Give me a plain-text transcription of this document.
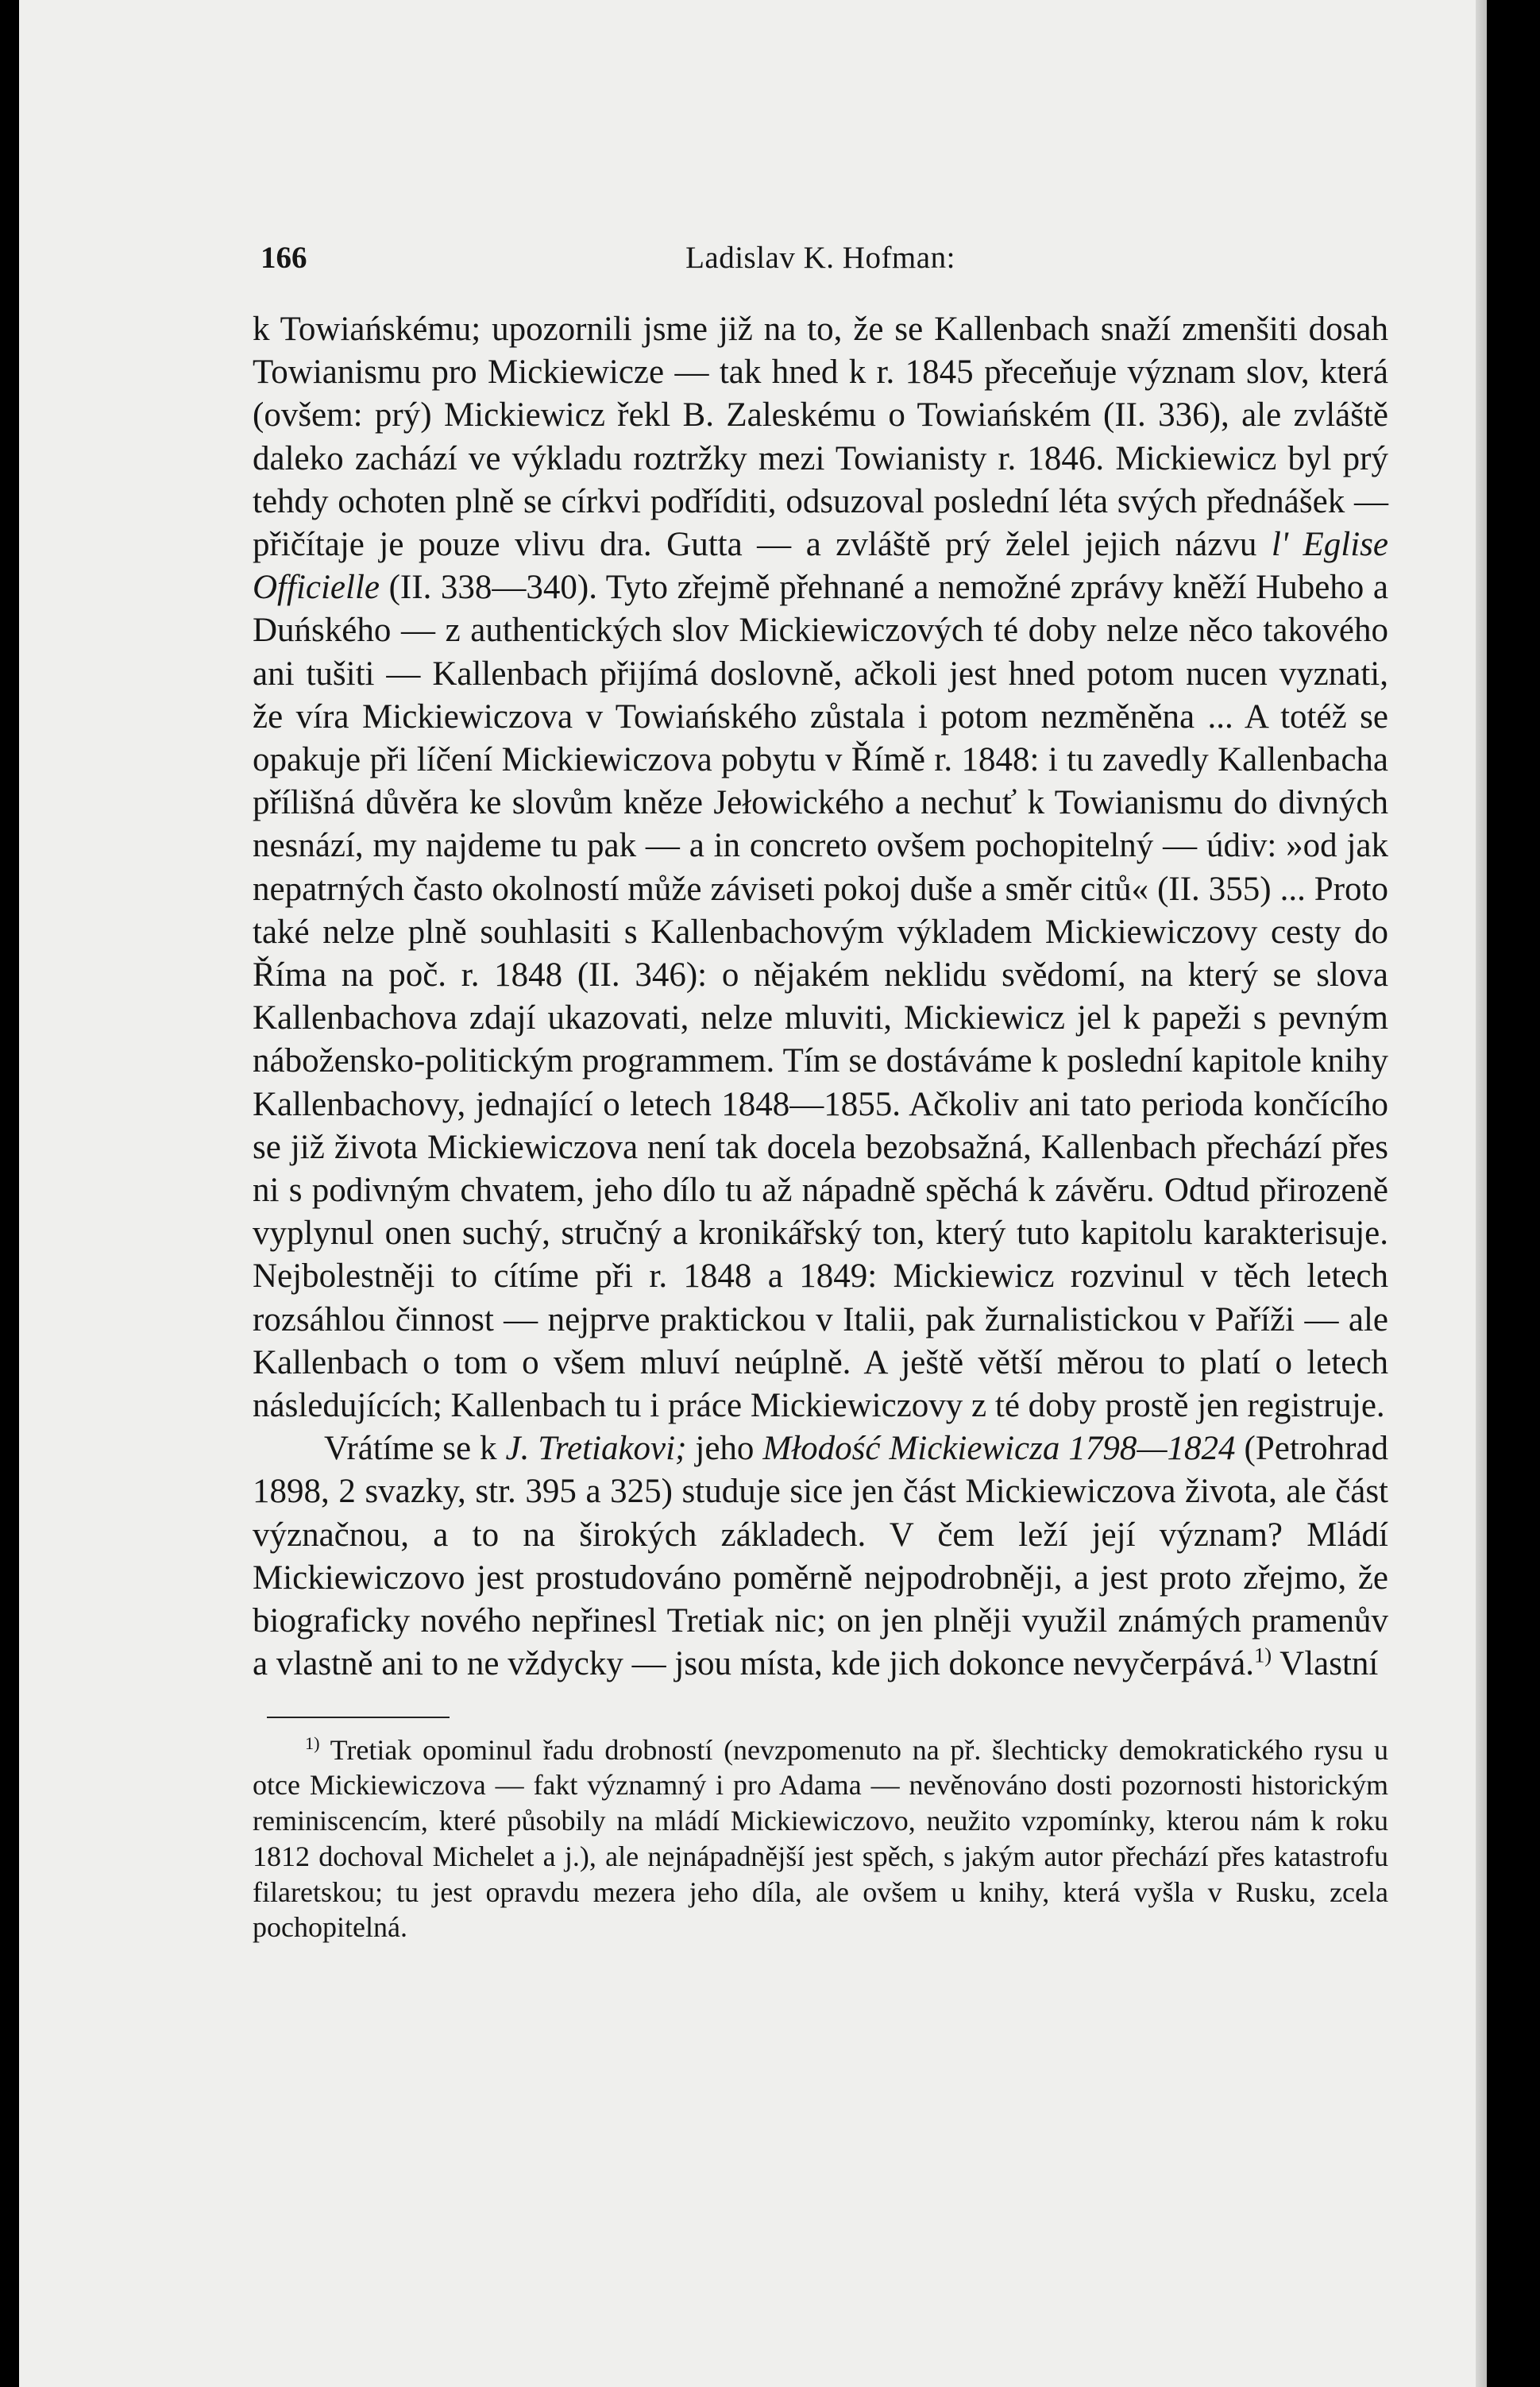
166	Ladislav K. Hofman:

k Towiańskému; upozornili jsme již na to, že se Kallenbach snaží zmenšiti dosah Towianismu pro Mickiewicze — tak hned k r. 1845 přeceňuje význam slov, která (ovšem: prý) Mickiewicz řekl B. Zaleskému o Towiańském (II. 336), ale zvláště daleko zachází ve výkladu roztržky mezi Towianisty r. 1846. Mickiewicz byl prý tehdy ochoten plně se církvi podříditi, odsuzoval poslední léta svých přednášek — přičítaje je pouze vlivu dra. Gutta — a zvláště prý želel jejich názvu l' Eglise Officielle (II. 338—340). Tyto zřejmě přehnané a nemožné zprávy kněží Hubeho a Duńského — z authentických slov Mickiewiczových té doby nelze něco takového ani tušiti — Kallenbach přijímá doslovně, ačkoli jest hned potom nucen vyznati, že víra Mickiewiczova v Towiańského zůstala i potom nezměněna ... A totéž se opakuje při líčení Mickiewiczova pobytu v Římě r. 1848: i tu zavedly Kallenbacha přílišná důvěra ke slovům kněze Jełowického a nechuť k Towianismu do divných nesnází, my najdeme tu pak — a in concreto ovšem pochopitelný — údiv: »od jak nepatrných často okolností může záviseti pokoj duše a směr citů« (II. 355) ... Proto také nelze plně souhlasiti s Kallenbachovým výkladem Mickiewiczovy cesty do Říma na poč. r. 1848 (II. 346): o nějakém neklidu svědomí, na který se slova Kallenbachova zdají ukazovati, nelze mluviti, Mickiewicz jel k papeži s pevným nábožensko-politickým programmem. Tím se dostáváme k poslední kapitole knihy Kallenbachovy, jednající o letech 1848—1855. Ačkoliv ani tato perioda končícího se již života Mickiewiczova není tak docela bezobsažná, Kallenbach přechází přes ni s podivným chvatem, jeho dílo tu až nápadně spěchá k závěru. Odtud přirozeně vyplynul onen suchý, stručný a kronikářský ton, který tuto kapitolu karakterisuje. Nejbolestněji to cítíme při r. 1848 a 1849: Mickiewicz rozvinul v těch letech rozsáhlou činnost — nejprve praktickou v Italii, pak žurnalistickou v Paříži — ale Kallenbach o tom o všem mluví neúplně. A ještě větší měrou to platí o letech následujících; Kallenbach tu i práce Mickiewiczovy z té doby prostě jen registruje.

Vrátíme se k J. Tretiakovi; jeho Młodość Mickiewicza 1798—1824 (Petrohrad 1898, 2 svazky, str. 395 a 325) studuje sice jen část Mickiewiczova života, ale část význačnou, a to na širokých základech. V čem leží její význam? Mládí Mickiewiczovo jest prostudováno poměrně nejpodrobněji, a jest proto zřejmo, že biograficky nového nepřinesl Tretiak nic; on jen plněji využil známých pramenův a vlastně ani to ne vždycky — jsou místa, kde jich dokonce nevyčerpává.$^{1)}$ Vlastní

$^{1)}$ Tretiak opominul řadu drobností (nevzpomenuto na př. šlechticky demokratického rysu u otce Mickiewiczova — fakt významný i pro Adama — nevěnováno dosti pozornosti historickým reminiscencím, které působily na mládí Mickiewiczovo, neužito vzpomínky, kterou nám k roku 1812 dochoval Michelet a j.), ale nejnápadnější jest spěch, s jakým autor přechází přes katastrofu filaretskou; tu jest opravdu mezera jeho díla, ale ovšem u knihy, která vyšla v Rusku, zcela pochopitelná.
